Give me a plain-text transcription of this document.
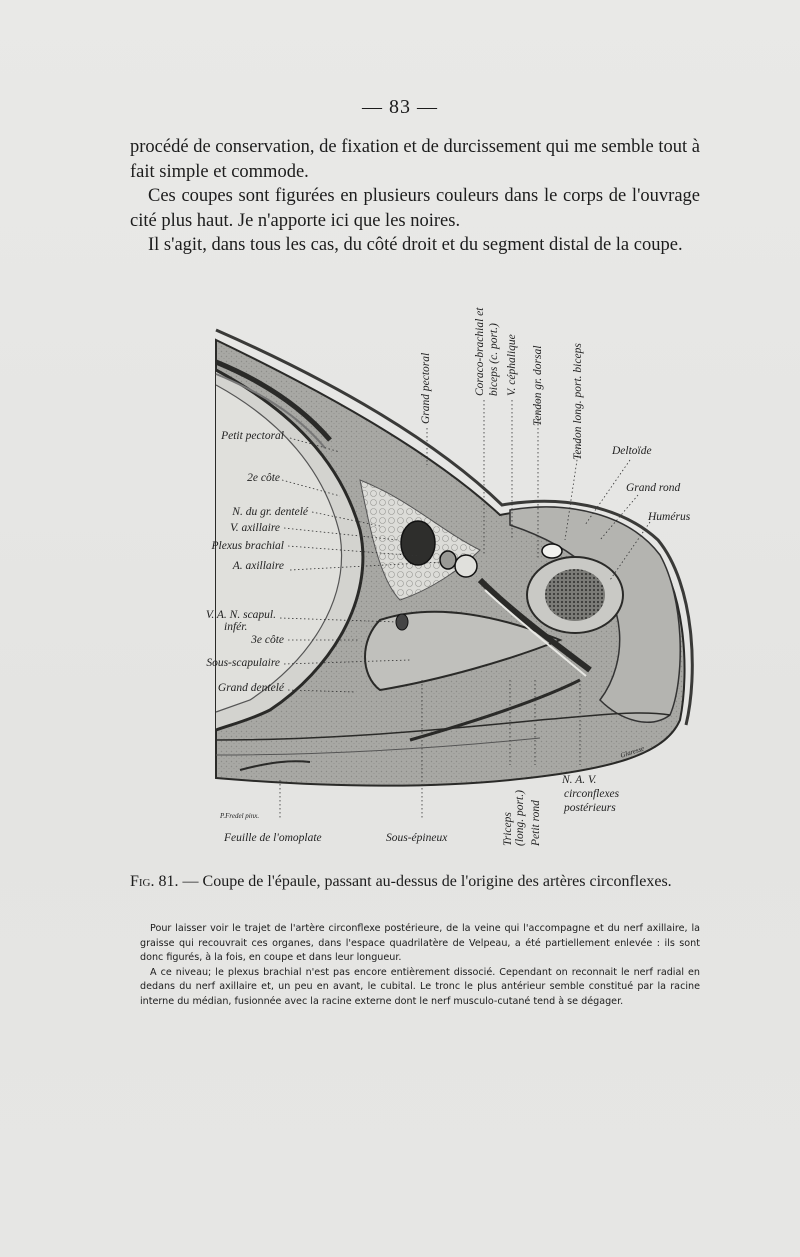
— 83 —

procédé de conservation, de fixation et de durcissement qui me semble tout à fait simple et commode.

Ces coupes sont figurées en plusieurs couleurs dans le corps de l'ouvrage cité plus haut. Je n'apporte ici que les noires.

Il s'agit, dans tous les cas, du côté droit et du segment distal de la coupe.

Petit pectoral
2e côte
N. du gr. dentelé
V. axillaire
Plexus brachial
A. axillaire
V. A. N. scapul.
infér.
3e côte
Sous-scapulaire
Grand dentelé
Grand pectoral	Coraco-brachial et biceps (c. port.) V. céphalique Tendon gr. dorsal Tendon long. port. biceps Deltoïde
Grand rond
Humérus
Feuille de l'omoplate	Sous-épineux	Triceps (long. port.) Petit rond
N. A. V.
circonflexes
postérieurs
P.Fredel pinx.
Glaresse
Fig. 81. — Coupe de l'épaule, passant au-dessus de l'origine des artères circonflexes.

Pour laisser voir le trajet de l'artère circonflexe postérieure, de la veine qui l'accompagne et du nerf axillaire, la graisse qui recouvrait ces organes, dans l'espace quadrilatère de Velpeau, a été partiellement enlevée : ils sont donc figurés, à la fois, en coupe et dans leur longueur.

A ce niveau; le plexus brachial n'est pas encore entièrement dissocié. Cependant on reconnait le nerf radial en dedans du nerf axillaire et, un peu en avant, le cubital. Le tronc le plus antérieur semble constitué par la racine interne du médian, fusionnée avec la racine externe dont le nerf musculo-cutané tend à se dégager.
